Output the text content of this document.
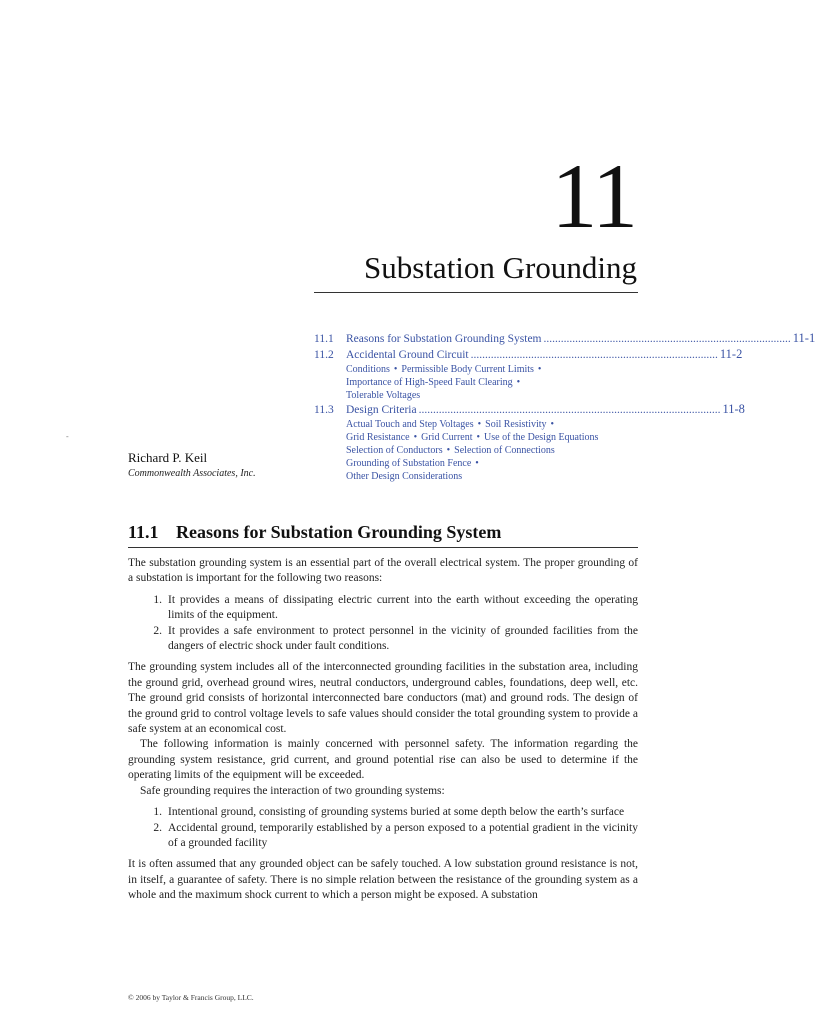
11
Substation Grounding
11.1	Reasons for Substation Grounding System ...................................................................................... 11-1
11.2	Accidental Ground Circuit ...................................................................................... 11-2
Conditions • Permissible Body Current Limits •
Importance of High-Speed Fault Clearing •
Tolerable Voltages
11.3	Design Criteria ......................................................................................................... 11-8
Actual Touch and Step Voltages • Soil Resistivity •
Grid Resistance • Grid Current • Use of the Design Equations
Selection of Conductors • Selection of Connections
Grounding of Substation Fence •
Other Design Considerations
-
Richard P. Keil
Commonwealth Associates, Inc.
11.1 Reasons for Substation Grounding System

The substation grounding system is an essential part of the overall electrical system. The proper grounding of a substation is important for the following two reasons:

1. It provides a means of dissipating electric current into the earth without exceeding the operating limits of the equipment.
2. It provides a safe environment to protect personnel in the vicinity of grounded facilities from the dangers of electric shock under fault conditions.

The grounding system includes all of the interconnected grounding facilities in the substation area, including the ground grid, overhead ground wires, neutral conductors, underground cables, foundations, deep well, etc. The ground grid consists of horizontal interconnected bare conductors (mat) and ground rods. The design of the ground grid to control voltage levels to safe values should consider the total grounding system to provide a safe system at an economical cost.

The following information is mainly concerned with personnel safety. The information regarding the grounding system resistance, grid current, and ground potential rise can also be used to determine if the operating limits of the equipment will be exceeded.

Safe grounding requires the interaction of two grounding systems:

1. Intentional ground, consisting of grounding systems buried at some depth below the earth’s surface
2. Accidental ground, temporarily established by a person exposed to a potential gradient in the vicinity of a grounded facility

It is often assumed that any grounded object can be safely touched. A low substation ground resistance is not, in itself, a guarantee of safety. There is no simple relation between the resistance of the grounding system as a whole and the maximum shock current to which a person might be exposed. A substation

© 2006 by Taylor & Francis Group, LLC.
